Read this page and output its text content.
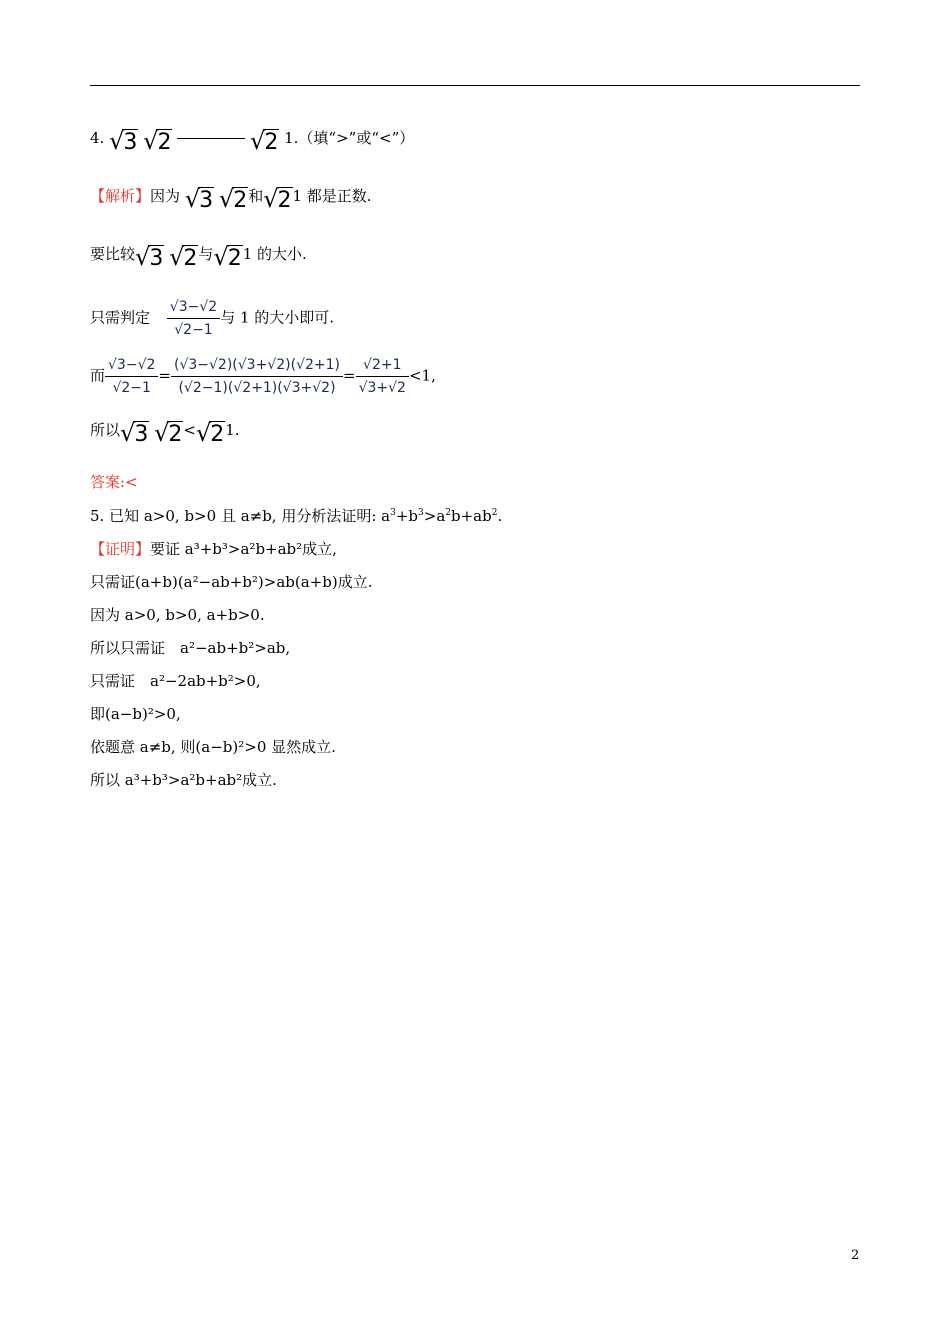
4. √3 √2	√2 1.（填“>”或“<”）
【解析】因为 √3 √2和√21 都是正数.
要比较√3 √2与√21 的大小.
只需判定 $\frac{√3-√2}{√2-1}$ 与 1 的大小即可.
而 $\frac{√3-√2}{√2-1} = \frac{(√3-√2)(√3+√2)(√2+1)}{(√2-1)(√2+1)(√3+√2)} = \frac{√2+1}{√3+√2} <1$,
所以√3 √2<√21.
答案:<
5. 已知 a>0, b>0 且 a≠b, 用分析法证明: $a^3+b^3>a^2b+ab^2$.
【证明】要证 a³+b³>a²b+ab²成立,
只需证(a+b)(a²−ab+b²)>ab(a+b)成立.
因为 a>0, b>0, a+b>0.
所以只需证　a²−ab+b²>ab,
只需证　a²−2ab+b²>0,
即(a−b)²>0,
依题意 a≠b, 则(a−b)²>0 显然成立.
所以 a³+b³>a²b+ab²成立.
2
